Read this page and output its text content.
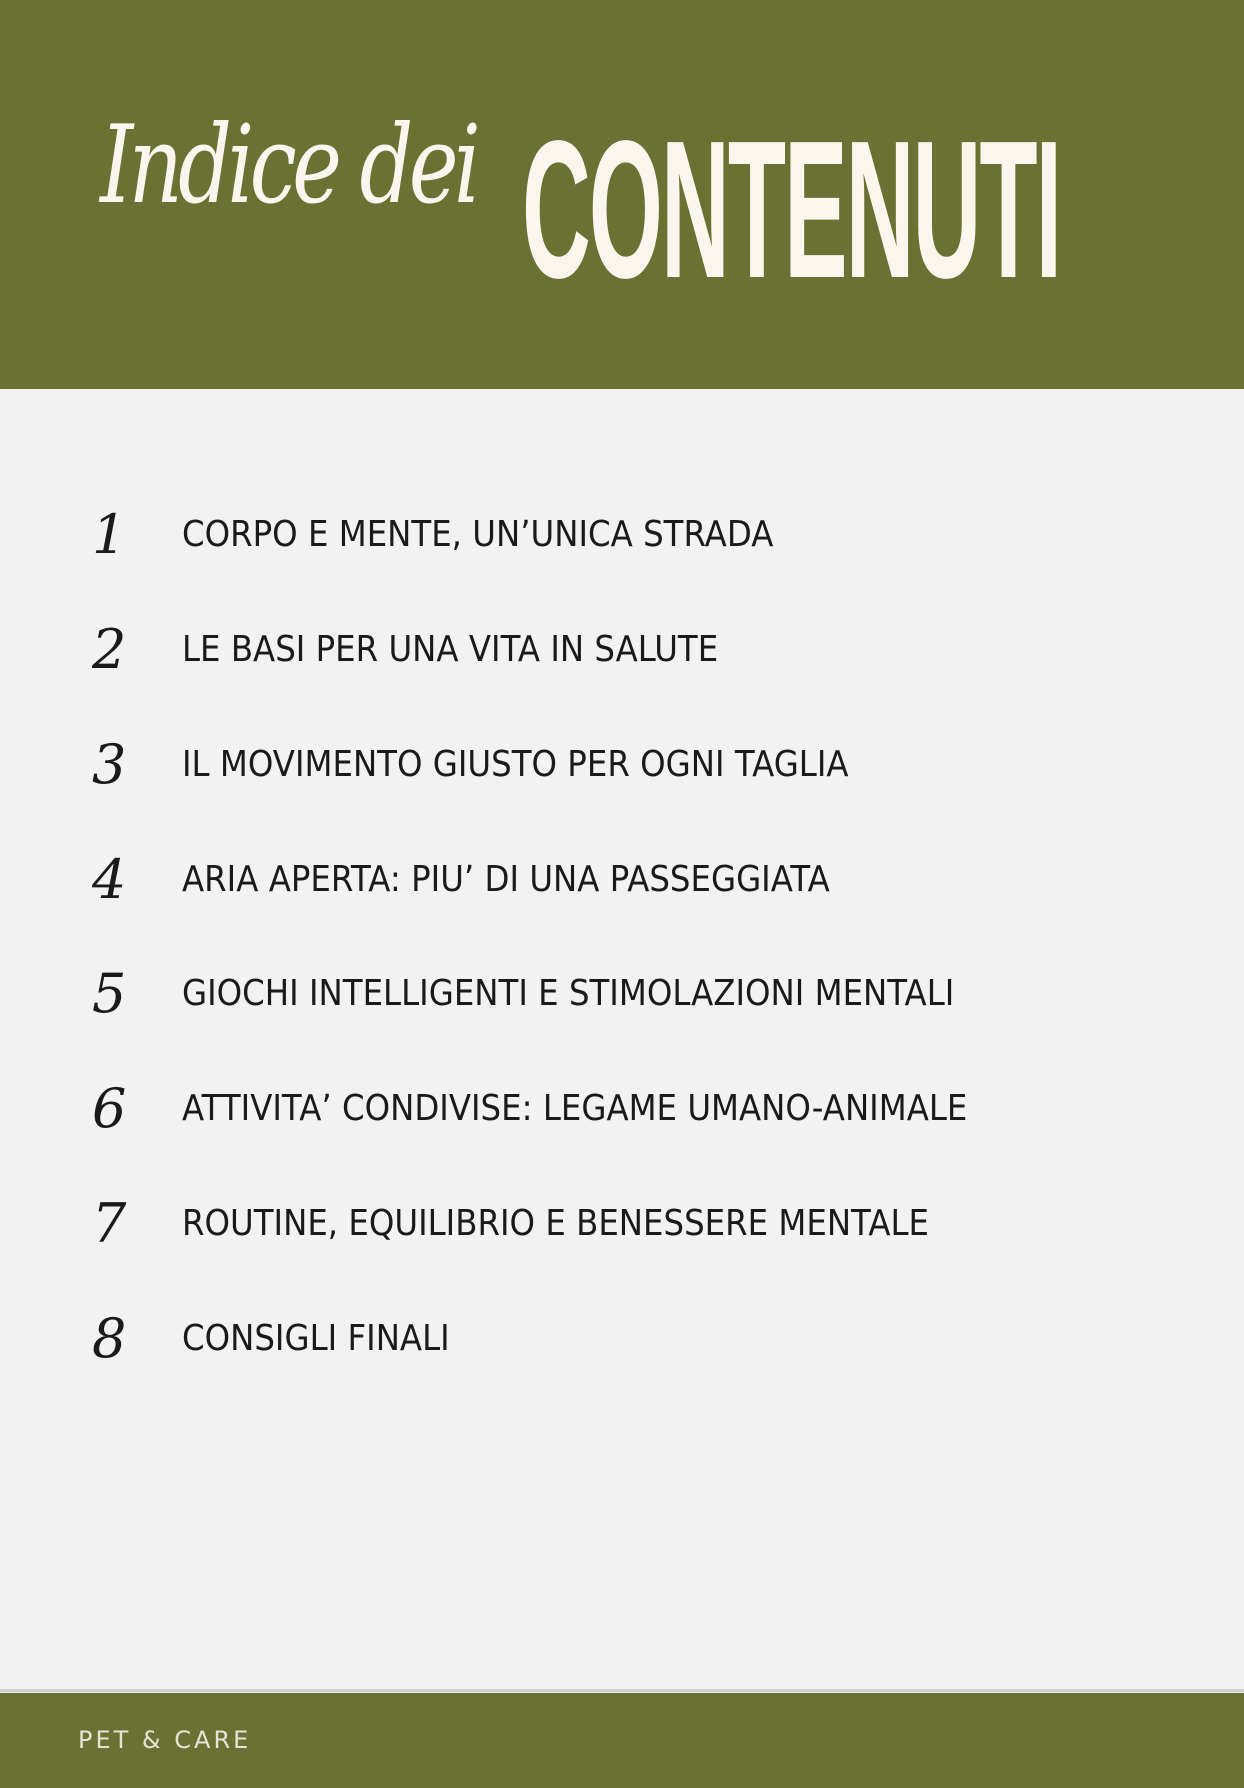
Indice dei CONTENUTI
1	CORPO E MENTE, UN’UNICA STRADA
2	LE BASI PER UNA VITA IN SALUTE
3	IL MOVIMENTO GIUSTO PER OGNI TAGLIA
4	ARIA APERTA: PIU’ DI UNA PASSEGGIATA
5	GIOCHI INTELLIGENTI E STIMOLAZIONI MENTALI
6	ATTIVITA’ CONDIVISE: LEGAME UMANO-ANIMALE
7	ROUTINE, EQUILIBRIO E BENESSERE MENTALE
8	CONSIGLI FINALI
PET & CARE
